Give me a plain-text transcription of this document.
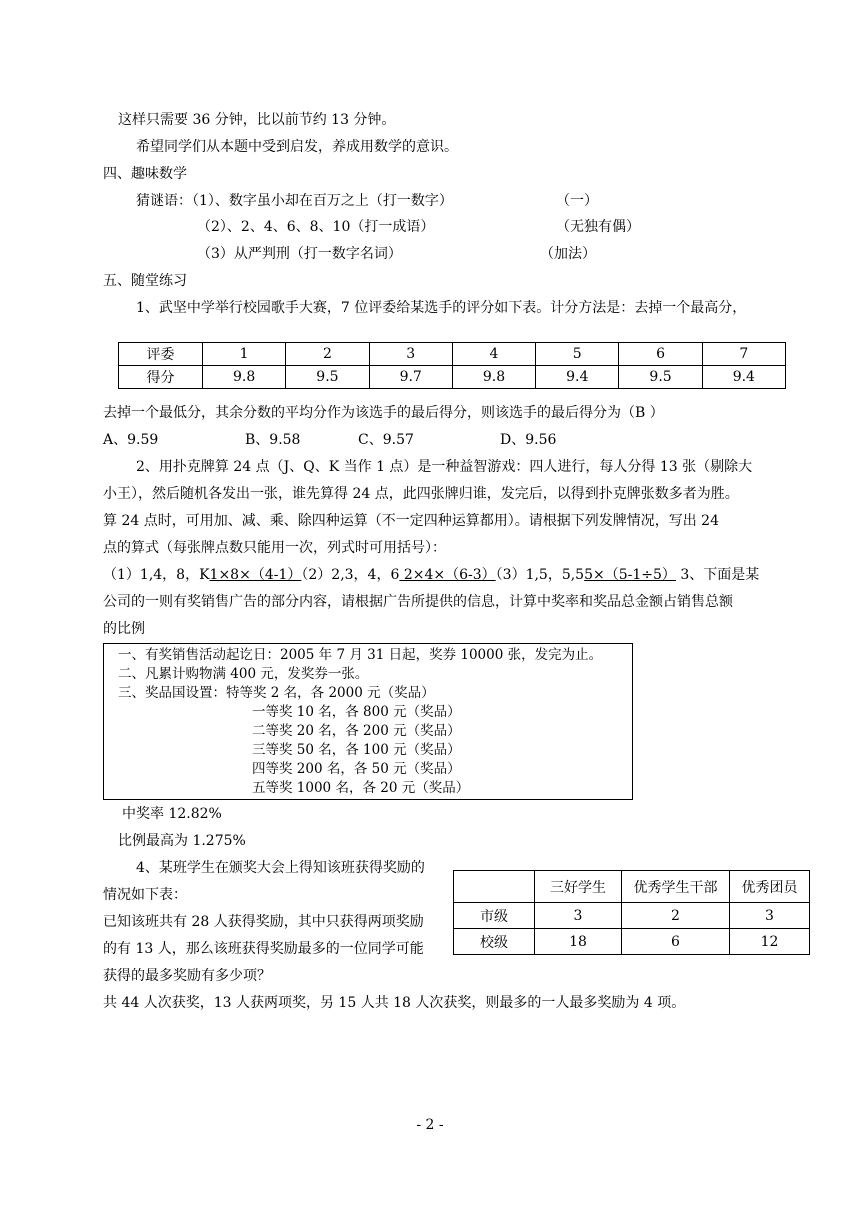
这样只需要 36 分钟，比以前节约 13 分钟。
希望同学们从本题中受到启发，养成用数学的意识。
四、趣味数学
猜谜语：（1）、数字虽小却在百万之上（打一数字）	（一）
（2）、2、4、6、8、10（打一成语）	（无独有偶）
（3）从严判刑（打一数字名词）	（加法）
五、随堂练习
1、武坚中学举行校园歌手大赛，7 位评委给某选手的评分如下表。计分方法是：去掉一个最高分，
评委	1	2	3	4	5	6	7
得分	9.8	9.5	9.7	9.8	9.4	9.5	9.4
去掉一个最低分，其余分数的平均分作为该选手的最后得分，则该选手的最后得分为（B ）
A、9.59	B、9.58	C、9.57	D、9.56
2、用扑克牌算 24 点（J、Q、K 当作 1 点）是一种益智游戏：四人进行，每人分得 13 张（剔除大
小王），然后随机各发出一张，谁先算得 24 点，此四张牌归谁，发完后，以得到扑克牌张数多者为胜。
算 24 点时，可用加、减、乘、除四种运算（不一定四种运算都用）。请根据下列发牌情况，写出 24
点的算式（每张牌点数只能用一次，列式时可用括号）：
（1）1,4，8，K1×8×（4-1）（2）2,3，4，6 2×4×（6-3）（3）1,5，5,55×（5-1÷5） 3、下面是某
公司的一则有奖销售广告的部分内容，请根据广告所提供的信息，计算中奖率和奖品总金额占销售总额
的比例
一、有奖销售活动起讫日：2005 年 7 月 31 日起，奖券 10000 张，发完为止。
二、凡累计购物满 400 元，发奖券一张。
三、奖品国设置：特等奖 2 名，各 2000 元（奖品）
一等奖 10 名，各 800 元（奖品）
二等奖 20 名，各 200 元（奖品）
三等奖 50 名，各 100 元（奖品）
四等奖 200 名，各 50 元（奖品）
五等奖 1000 名，各 20 元（奖品）
中奖率 12.82%
比例最高为 1.275%
4、某班学生在颁奖大会上得知该班获得奖励的
情况如下表：
已知该班共有 28 人获得奖励，其中只获得两项奖励
的有 13 人，那么该班获得奖励最多的一位同学可能
获得的最多奖励有多少项？
	三好学生	优秀学生干部	优秀团员
市级	3	2	3
校级	18	6	12
共 44 人次获奖，13 人获两项奖，另 15 人共 18 人次获奖，则最多的一人最多奖励为 4 项。
- 2 -
